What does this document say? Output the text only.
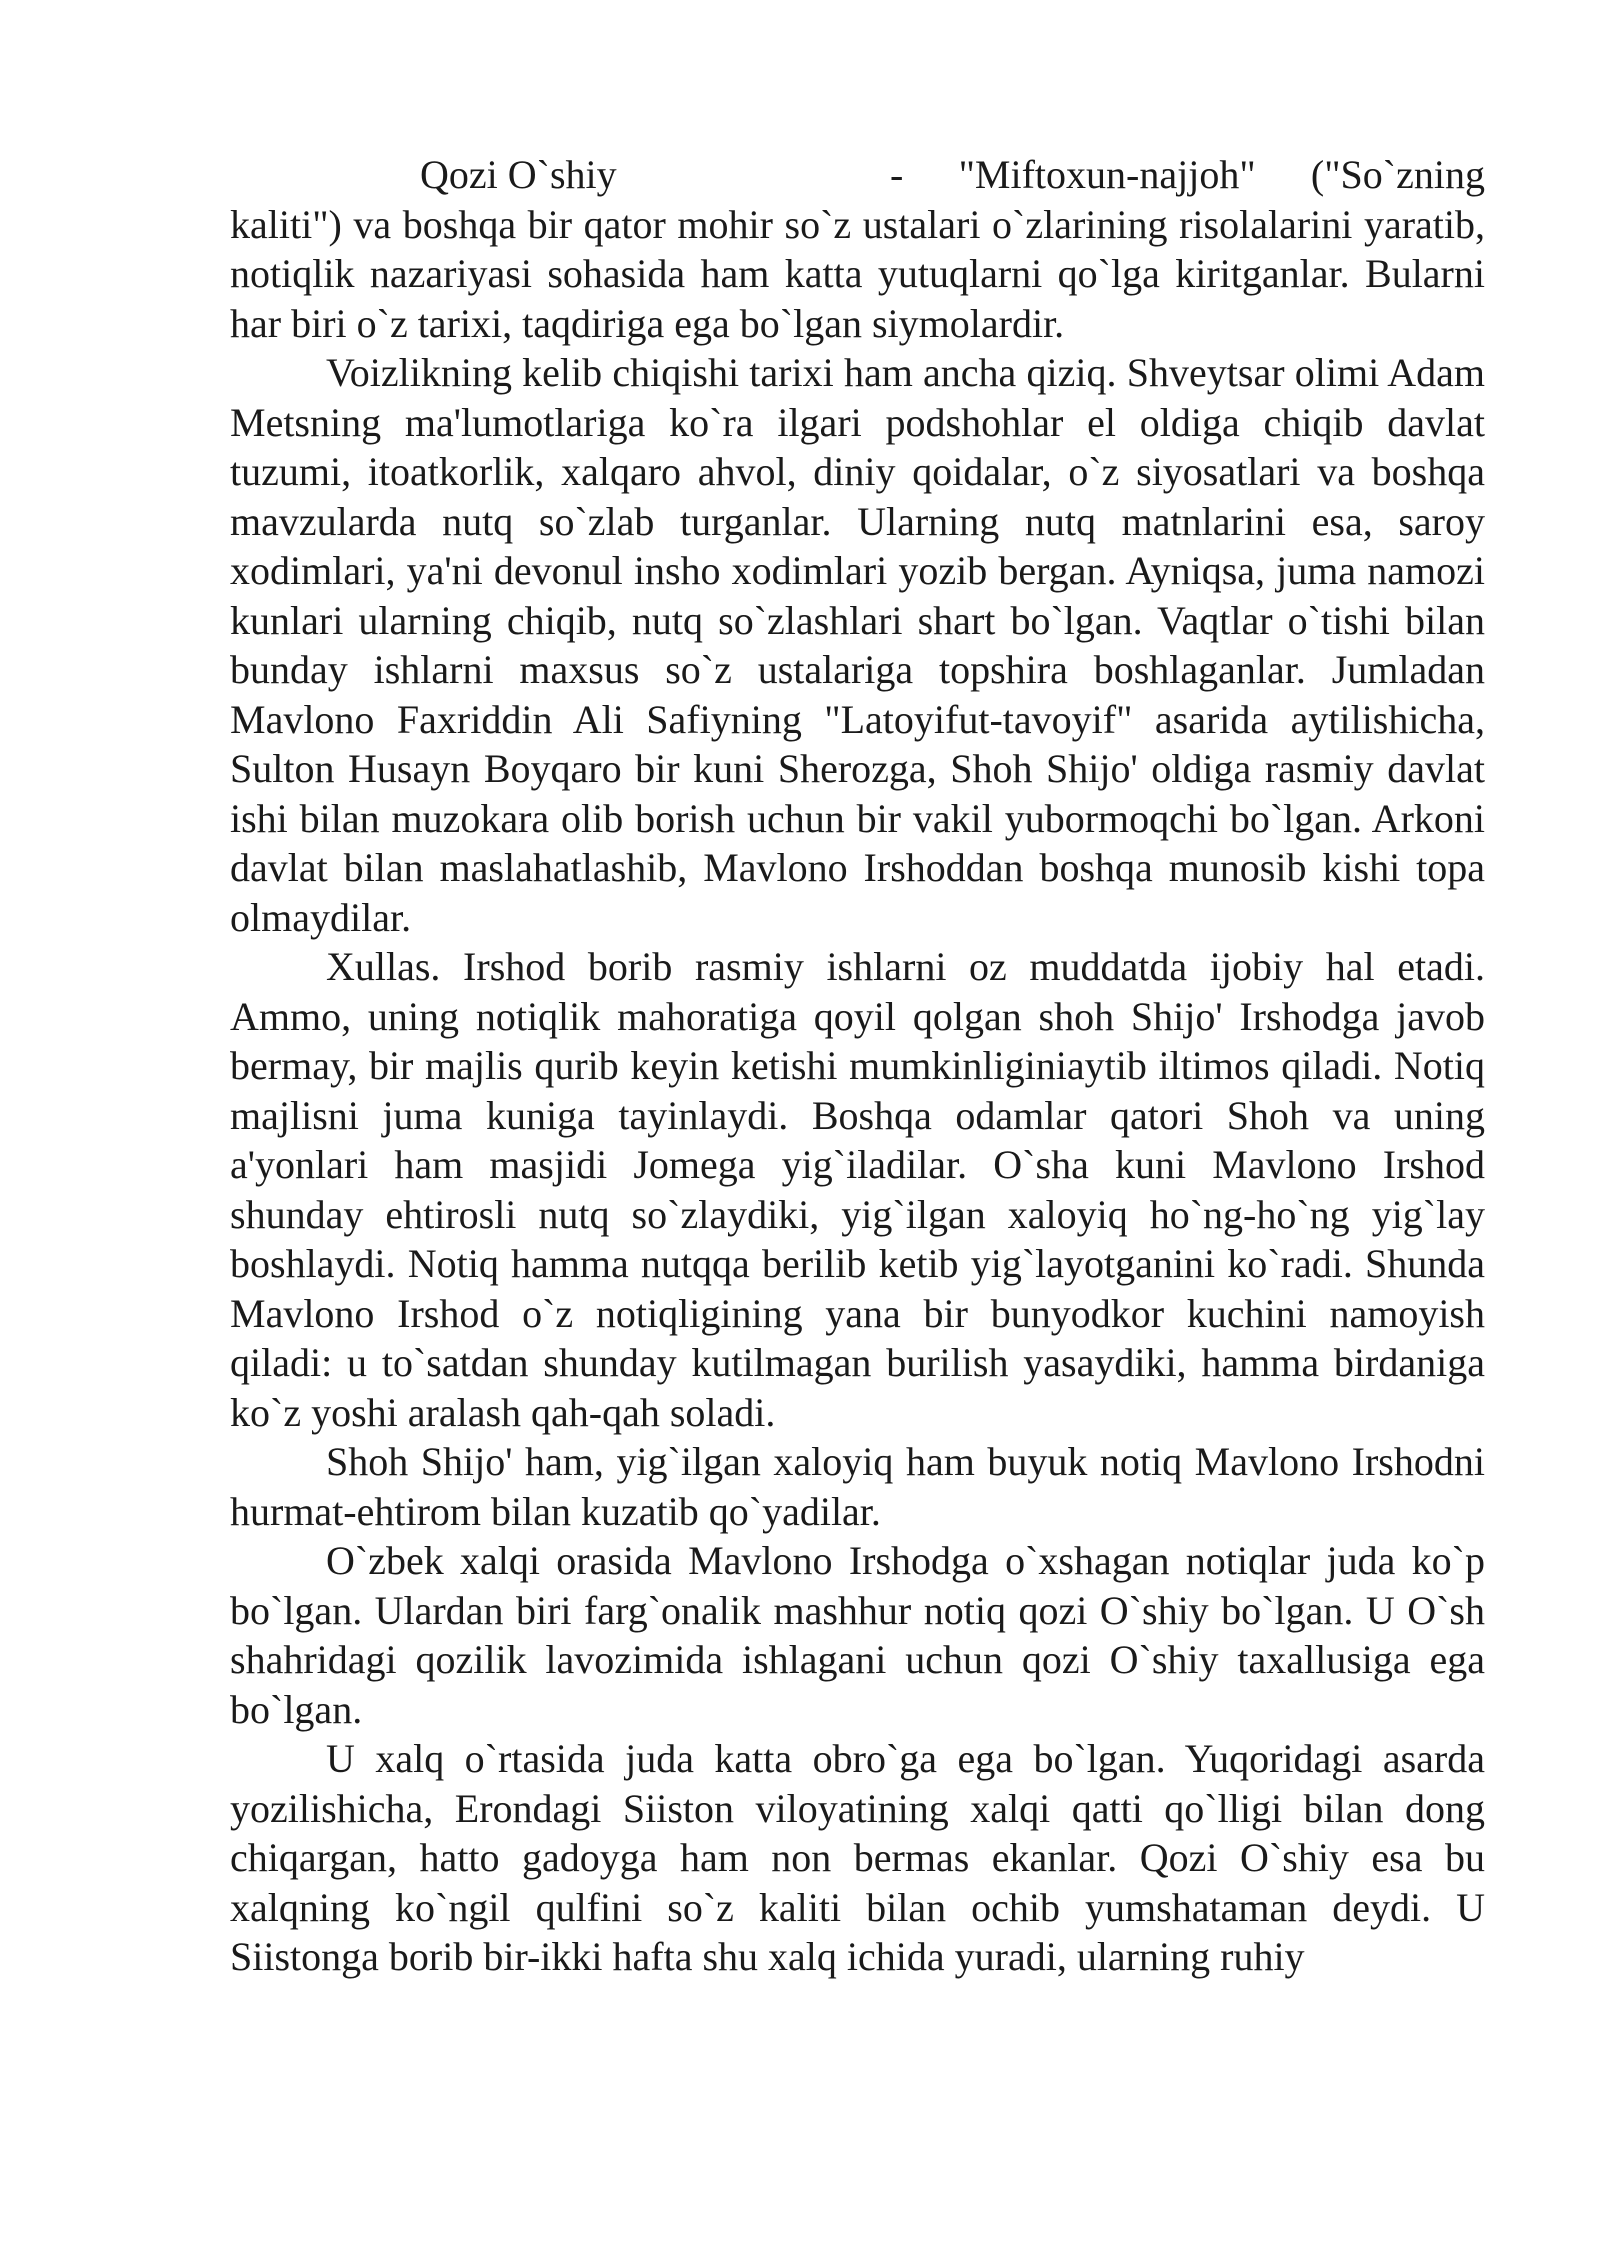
Qozi O`shiy	- "Miftoxun-najjoh" ("So`zning
kaliti") va boshqa bir qator mohir so`z ustalari o`zlarining risolalarini yaratib, notiqlik nazariyasi sohasida ham katta yutuqlarni qo`lga kiritganlar. Bularni har biri o`z tarixi, taqdiriga ega bo`lgan siymolardir.

Voizlikning kelib chiqishi tarixi ham ancha qiziq. Shveytsar olimi Adam Metsning ma'lumotlariga ko`ra ilgari podshohlar el oldiga chiqib davlat tuzumi, itoatkorlik, xalqaro ahvol, diniy qoidalar, o`z siyosatlari va boshqa mavzularda nutq so`zlab turganlar. Ularning nutq matnlarini esa, saroy xodimlari, ya'ni devonul insho xodimlari yozib bergan. Ayniqsa, juma namozi kunlari ularning chiqib, nutq so`zlashlari shart bo`lgan. Vaqtlar o`tishi bilan bunday ishlarni maxsus so`z ustalariga topshira boshlaganlar. Jumladan Mavlono Faxriddin Ali Safiyning "Latoyifut-tavoyif" asarida aytilishicha, Sulton Husayn Boyqaro bir kuni Sherozga, Shoh Shijo' oldiga rasmiy davlat ishi bilan muzokara olib borish uchun bir vakil yubormoqchi bo`lgan. Arkoni davlat bilan maslahatlashib, Mavlono Irshoddan boshqa munosib kishi topa olmaydilar.

Xullas. Irshod borib rasmiy ishlarni oz muddatda ijobiy hal etadi. Ammo, uning notiqlik mahoratiga qoyil qolgan shoh Shijo' Irshodga javob bermay, bir majlis qurib keyin ketishi mumkinliginiaytib iltimos qiladi. Notiq majlisni juma kuniga tayinlaydi. Boshqa odamlar qatori Shoh va uning a'yonlari ham masjidi Jomega yig`iladilar. O`sha kuni Mavlono Irshod shunday ehtirosli nutq so`zlaydiki, yig`ilgan xaloyiq ho`ng-ho`ng yig`lay boshlaydi. Notiq hamma nutqqa berilib ketib yig`layotganini ko`radi. Shunda Mavlono Irshod o`z notiqligining yana bir bunyodkor kuchini namoyish qiladi: u to`satdan shunday kutilmagan burilish yasaydiki, hamma birdaniga ko`z yoshi aralash qah-qah soladi.

Shoh Shijo' ham, yig`ilgan xaloyiq ham buyuk notiq Mavlono Irshodni hurmat-ehtirom bilan kuzatib qo`yadilar.

O`zbek xalqi orasida Mavlono Irshodga o`xshagan notiqlar juda ko`p bo`lgan. Ulardan biri farg`onalik mashhur notiq qozi O`shiy bo`lgan. U O`sh shahridagi qozilik lavozimida ishlagani uchun qozi O`shiy taxallusiga ega bo`lgan.

U xalq o`rtasida juda katta obro`ga ega bo`lgan. Yuqoridagi asarda yozilishicha, Erondagi Siiston viloyatining xalqi qatti qo`lligi bilan dong chiqargan, hatto gadoyga ham non bermas ekanlar. Qozi O`shiy esa bu xalqning ko`ngil qulfini so`z kaliti bilan ochib yumshataman deydi. U Siistonga borib bir-ikki hafta shu xalq ichida yuradi, ularning ruhiy
